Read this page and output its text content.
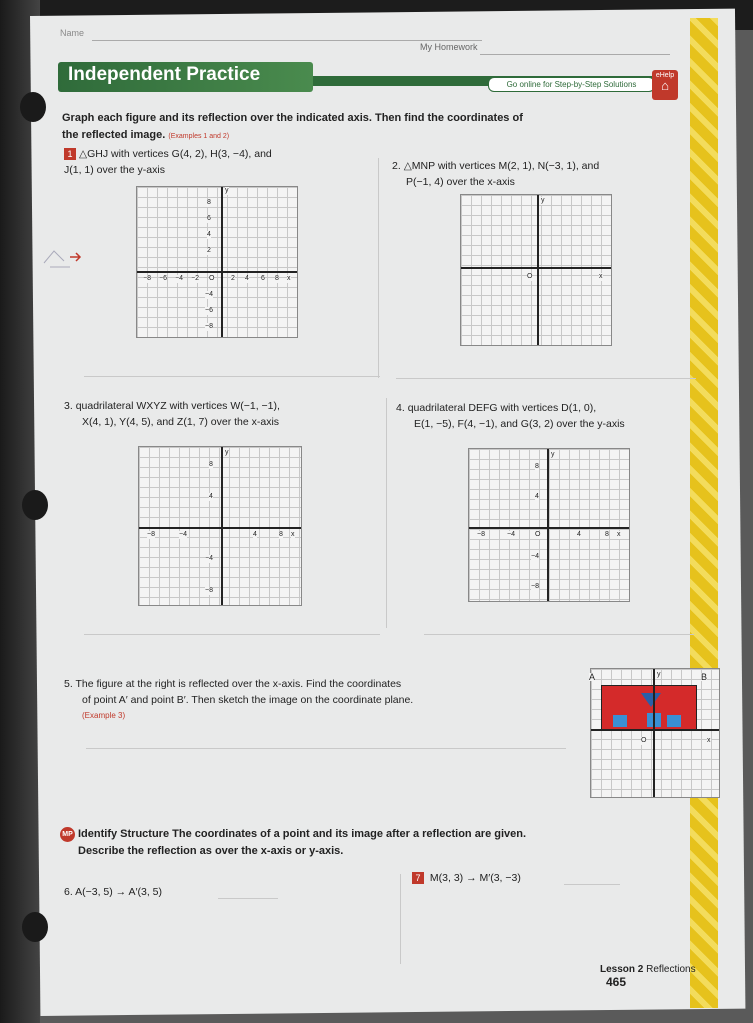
Name
My Homework
Independent Practice	Go online for Step-by-Step Solutions
eHelp
⌂
Graph each figure and its reflection over the indicated axis. Then find the coordinates of the reflected image. (Examples 1 and 2)
1 △GHJ with vertices G(4, 2), H(3, −4), and
J(1, 1) over the y-axis
y
8
6
4
2
−4
−6
−8
−8 −6 −4 −2 O 2 4 6 8 x
2. △MNP with vertices M(2, 1), N(−3, 1), and
P(−1, 4) over the x-axis
y
O	x
3. quadrilateral WXYZ with vertices W(−1, −1),
X(4, 1), Y(4, 5), and Z(1, 7) over the x-axis
y
8
4
−4
−8
−8	−4	4	8 x
4. quadrilateral DEFG with vertices D(1, 0),
E(1, −5), F(4, −1), and G(3, 2) over the y-axis
y
8
4
−4
−8
−8	−4	O	4	8 x
5. The figure at the right is reflected over the x-axis. Find the coordinates
of point A′ and point B′. Then sketch the image on the coordinate plane.
(Example 3)
A	B
y
O	x
MP Identify Structure The coordinates of a point and its image after a reflection are given. Describe the reflection as over the x-axis or y-axis.
6. A(−3, 5) → A′(3, 5)
7 M(3, 3) → M′(3, −3)
Lesson 2 Reflections 465
